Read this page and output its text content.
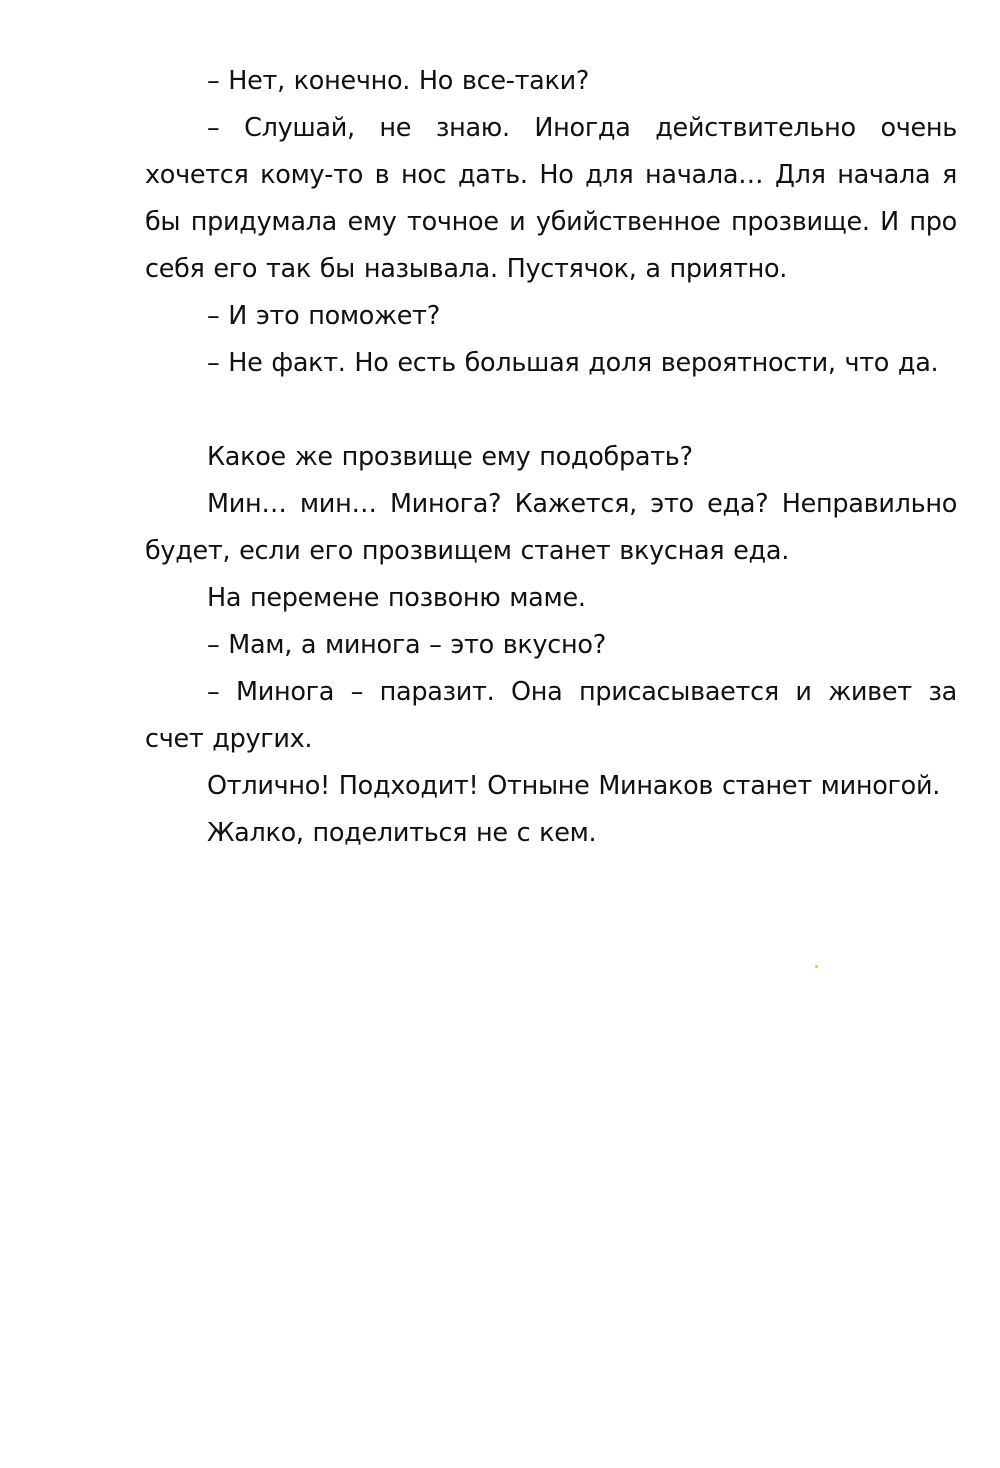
– Нет, конечно. Но все-таки?

– Слушай, не знаю. Иногда действительно очень хочется кому-то в нос дать. Но для начала… Для начала я бы придумала ему точное и убийственное прозвище. И про себя его так бы называла. Пустячок, а приятно.

– И это поможет?

– Не факт. Но есть большая доля вероятности, что да.

Какое же прозвище ему подобрать?

Мин… мин… Минога? Кажется, это еда? Неправильно будет, если его прозвищем станет вкусная еда.

На перемене позвоню маме.

– Мам, а минога – это вкусно?

– Минога – паразит. Она присасывается и живет за счет других.

Отлично! Подходит! Отныне Минаков станет миногой.

Жалко, поделиться не с кем.
